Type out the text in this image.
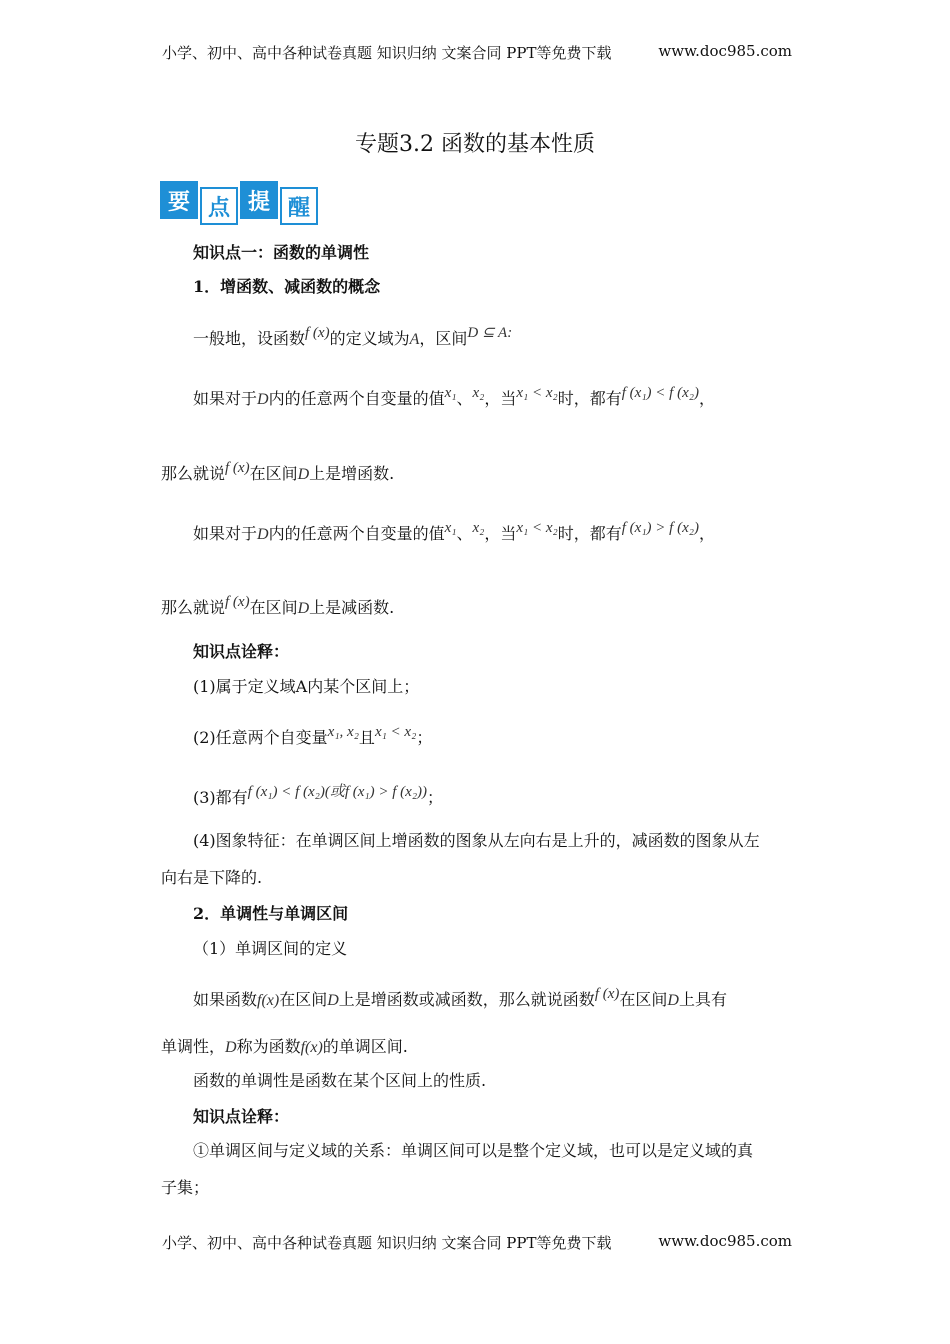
小学、初中、高中各种试卷真题 知识归纳 文案合同 PPT等免费下载	www.doc985.com
专题3.2 函数的基本性质
要 点 提 醒
知识点一：函数的单调性
1．增函数、减函数的概念
一般地，设函数f (x)的定义域为A，区间D ⊆ A:
如果对于D内的任意两个自变量的值x₁、x₂，当x₁ < x₂时，都有f (x₁) < f (x₂)，
那么就说f (x)在区间D上是增函数.
如果对于D内的任意两个自变量的值x₁、x₂，当x₁ < x₂时，都有f (x₁) > f (x₂)，
那么就说f (x)在区间D上是减函数.
知识点诠释：
(1)属于定义域A内某个区间上；
(2)任意两个自变量x₁, x₂且x₁ < x₂；
(3)都有f (x₁) < f (x₂)(或f (x₁) > f (x₂))；
(4)图象特征：在单调区间上增函数的图象从左向右是上升的，减函数的图象从左
向右是下降的.
2．单调性与单调区间
（1）单调区间的定义
如果函数f(x)在区间D上是增函数或减函数，那么就说函数f (x)在区间D上具有
单调性，D称为函数f(x)的单调区间.
函数的单调性是函数在某个区间上的性质.
知识点诠释：
①单调区间与定义域的关系：单调区间可以是整个定义域，也可以是定义域的真
子集；
小学、初中、高中各种试卷真题 知识归纳 文案合同 PPT等免费下载	www.doc985.com
